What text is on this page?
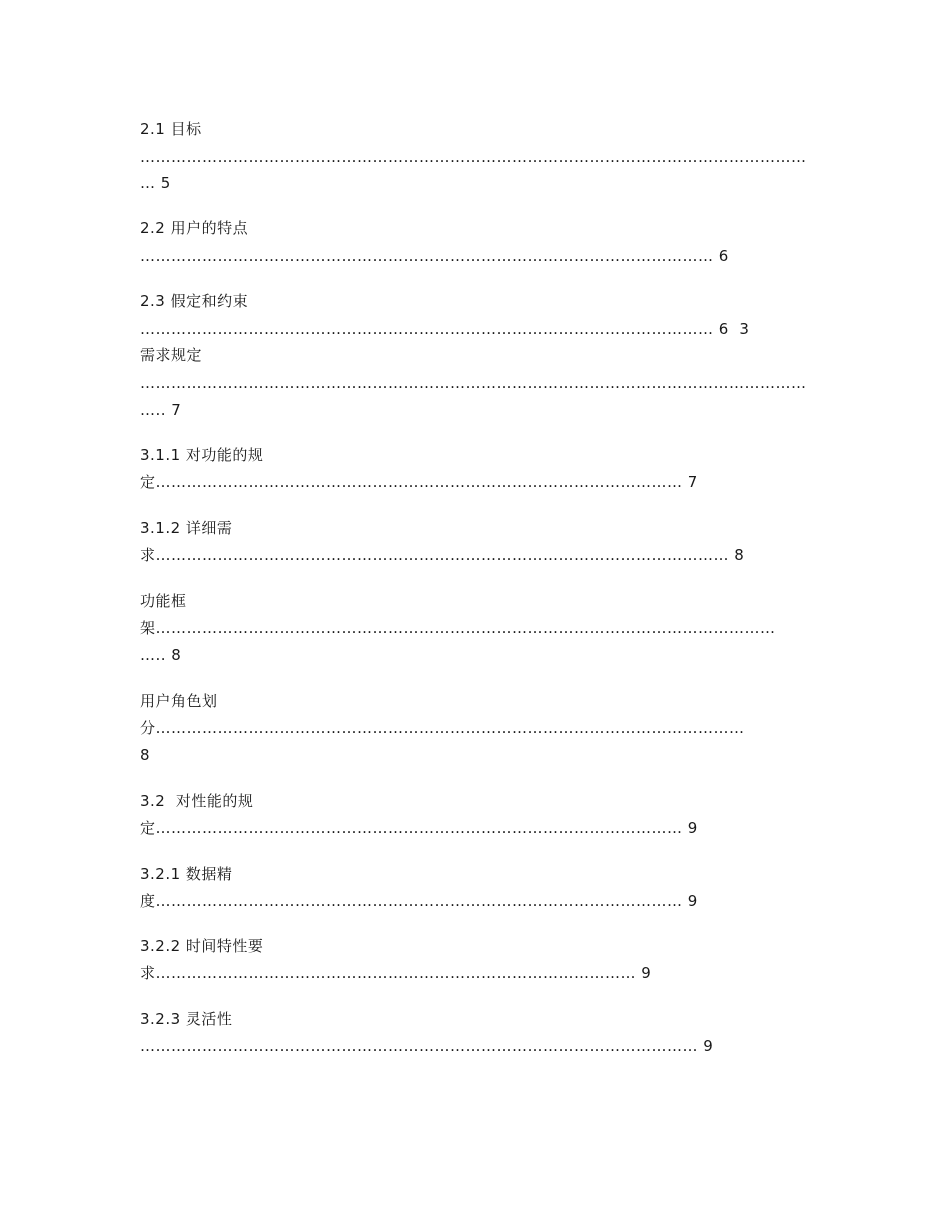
2.1 目标
…………………………………………………………………………………………………………………
… 5
2.2 用户的特点
………………………………………………………………………………………………… 6
2.3 假定和约束
………………………………………………………………………………………………… 6  3
需求规定
…………………………………………………………………………………………………………………
….. 7
3.1.1 对功能的规
定………………………………………………………………………………………… 7
3.1.2 详细需
求………………………………………………………………………………………………… 8
功能框
架…………………………………………………………………………………………………………
….. 8
用户角色划
分……………………………………………………………………………………………………
8
3.2  对性能的规
定………………………………………………………………………………………… 9
3.2.1 数据精
度………………………………………………………………………………………… 9
3.2.2 时间特性要
求………………………………………………………………………………… 9
3.2.3 灵活性
……………………………………………………………………………………………… 9
